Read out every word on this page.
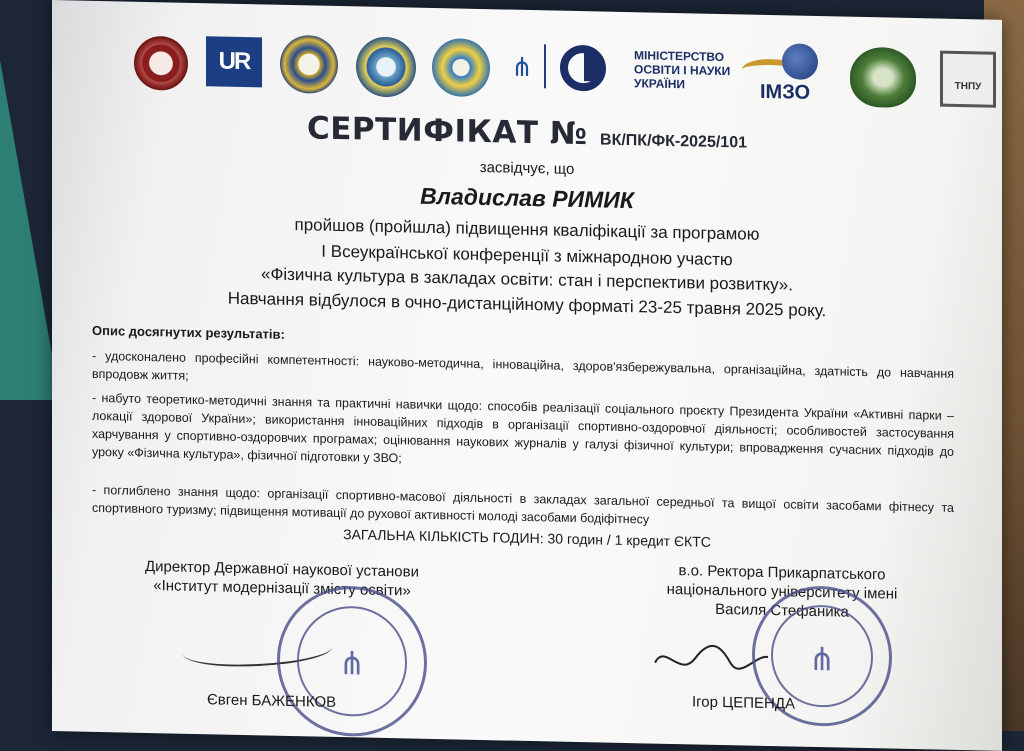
UR	⋔	МІНІСТЕРСТВО
ОСВІТИ І НАУКИ
УКРАЇНИ	ІМЗО	ТНПУ
СЕРТИФІКАТ № ВК/ПК/ФК-2025/101
засвідчує, що
Владислав РИМИК
пройшов (пройшла) підвищення кваліфікації за програмою
І Всеукраїнської конференції з міжнародною участю
«Фізична культура в закладах освіти: стан і перспективи розвитку».
Навчання відбулося в очно-дистанційному форматі 23-25 травня 2025 року.
Опис досягнутих результатів:
- удосконалено професійні компетентності: науково-методична, інноваційна, здоров'язбережувальна, організаційна, здатність до навчання впродовж життя;
- набуто теоретико-методичні знання та практичні навички щодо: способів реалізації соціального проєкту Президента України «Активні парки – локації здорової України»; використання інноваційних підходів в організації спортивно-оздоровчої діяльності; особливостей застосування харчування у спортивно-оздоровчих програмах; оцінювання наукових журналів у галузі фізичної культури; впровадження сучасних підходів до уроку «Фізична культура», фізичної підготовки у ЗВО;
- поглиблено знання щодо: організації спортивно-масової діяльності в закладах загальної середньої та вищої освіти засобами фітнесу та спортивного туризму; підвищення мотивації до рухової активності молоді засобами бодіфітнесу
ЗАГАЛЬНА КІЛЬКІСТЬ ГОДИН: 30 годин / 1 кредит ЄКТС
Директор Державної наукової установи
«Інститут модернізації змісту освіти»
в.о. Ректора Прикарпатського
національного університету імені
Василя Стефаника
⋔	⋔
Євген БАЖЕНКОВ	Ігор ЦЕПЕНДА
